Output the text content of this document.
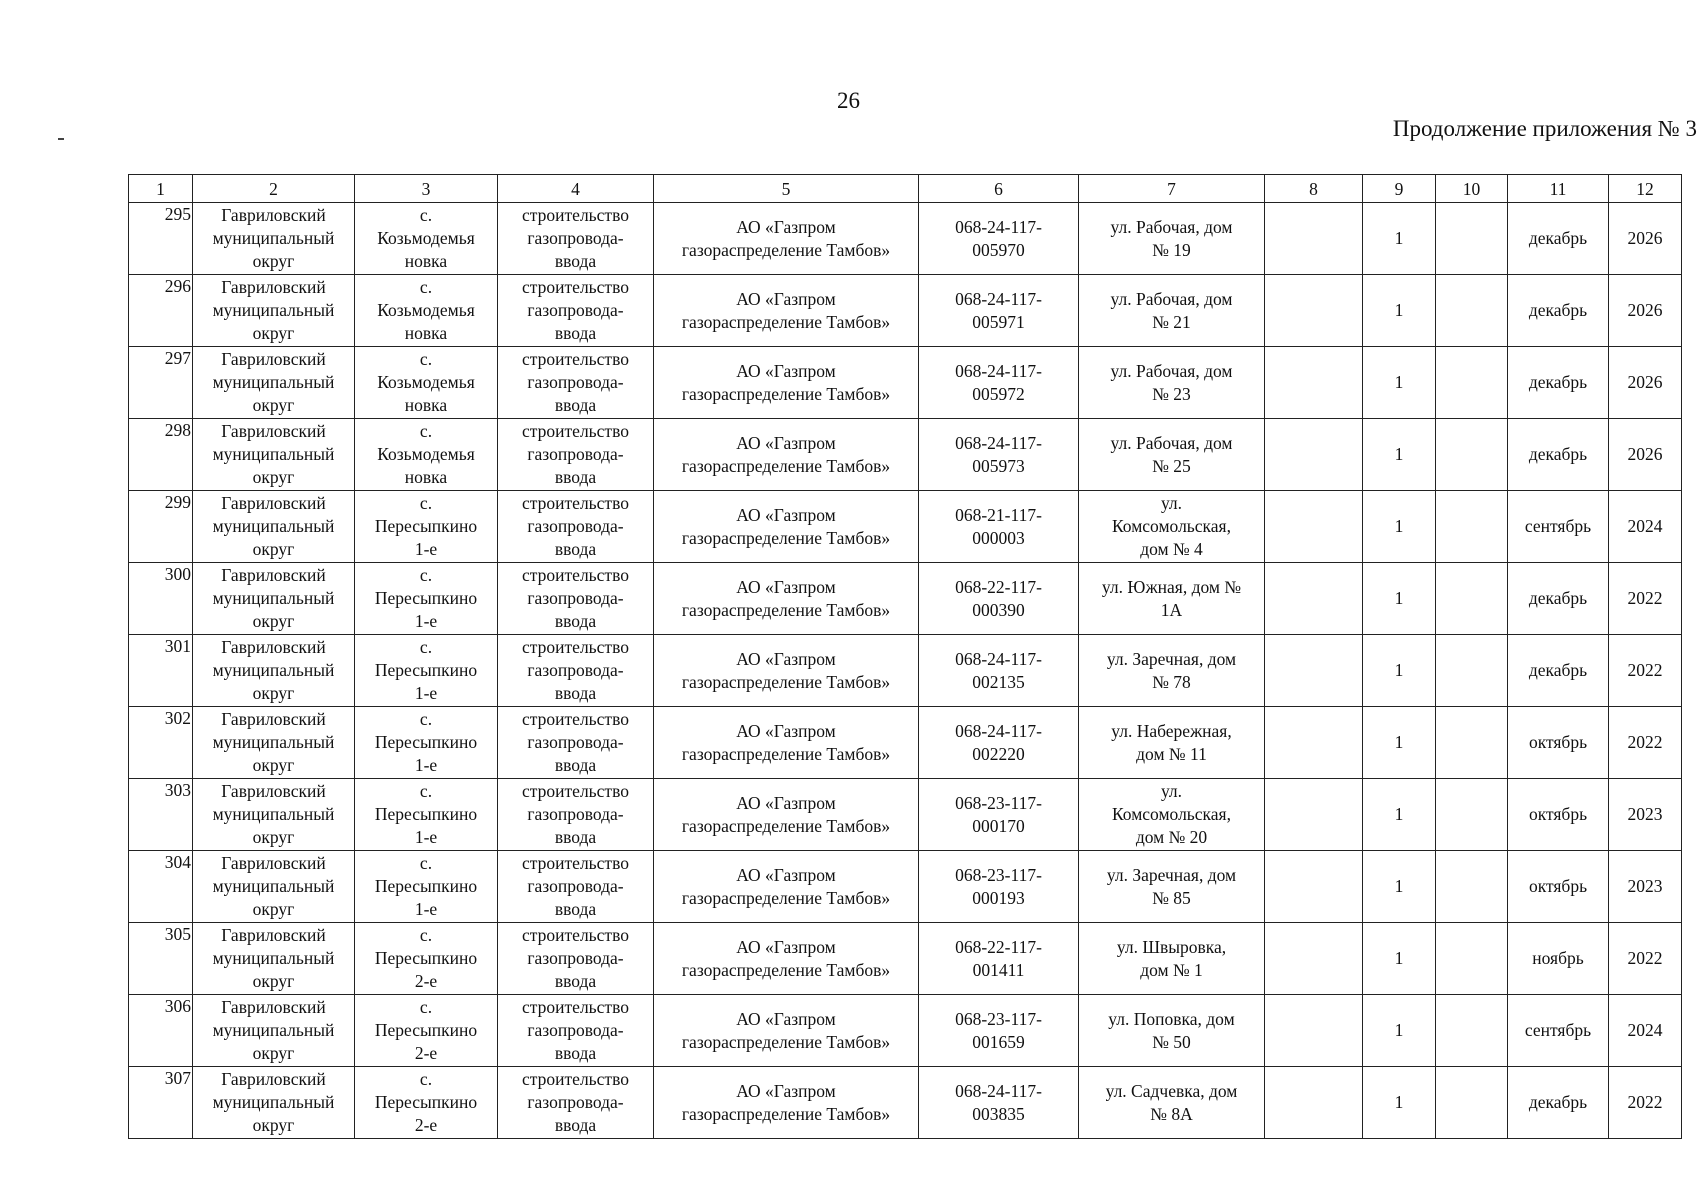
26
Продолжение приложения № 3
1	2	3	4	5	6	7	8	9	10	11	12
295	Гавриловский
муниципальный
округ	с.
Козьмодемья
новка	строительство
газопровода-
ввода	АО «Газпром
газораспределение Тамбов»	068-24-117-
005970	ул. Рабочая, дом
№ 19		1		декабрь	2026
296	Гавриловский
муниципальный
округ	с.
Козьмодемья
новка	строительство
газопровода-
ввода	АО «Газпром
газораспределение Тамбов»	068-24-117-
005971	ул. Рабочая, дом
№ 21		1		декабрь	2026
297	Гавриловский
муниципальный
округ	с.
Козьмодемья
новка	строительство
газопровода-
ввода	АО «Газпром
газораспределение Тамбов»	068-24-117-
005972	ул. Рабочая, дом
№ 23		1		декабрь	2026
298	Гавриловский
муниципальный
округ	с.
Козьмодемья
новка	строительство
газопровода-
ввода	АО «Газпром
газораспределение Тамбов»	068-24-117-
005973	ул. Рабочая, дом
№ 25		1		декабрь	2026
299	Гавриловский
муниципальный
округ	с.
Пересыпкино
1-е	строительство
газопровода-
ввода	АО «Газпром
газораспределение Тамбов»	068-21-117-
000003	ул.
Комсомольская,
дом № 4		1		сентябрь	2024
300	Гавриловский
муниципальный
округ	с.
Пересыпкино
1-е	строительство
газопровода-
ввода	АО «Газпром
газораспределение Тамбов»	068-22-117-
000390	ул. Южная, дом №
1А		1		декабрь	2022
301	Гавриловский
муниципальный
округ	с.
Пересыпкино
1-е	строительство
газопровода-
ввода	АО «Газпром
газораспределение Тамбов»	068-24-117-
002135	ул. Заречная, дом
№ 78		1		декабрь	2022
302	Гавриловский
муниципальный
округ	с.
Пересыпкино
1-е	строительство
газопровода-
ввода	АО «Газпром
газораспределение Тамбов»	068-24-117-
002220	ул. Набережная,
дом № 11		1		октябрь	2022
303	Гавриловский
муниципальный
округ	с.
Пересыпкино
1-е	строительство
газопровода-
ввода	АО «Газпром
газораспределение Тамбов»	068-23-117-
000170	ул.
Комсомольская,
дом № 20		1		октябрь	2023
304	Гавриловский
муниципальный
округ	с.
Пересыпкино
1-е	строительство
газопровода-
ввода	АО «Газпром
газораспределение Тамбов»	068-23-117-
000193	ул. Заречная, дом
№ 85		1		октябрь	2023
305	Гавриловский
муниципальный
округ	с.
Пересыпкино
2-е	строительство
газопровода-
ввода	АО «Газпром
газораспределение Тамбов»	068-22-117-
001411	ул. Швыровка,
дом № 1		1		ноябрь	2022
306	Гавриловский
муниципальный
округ	с.
Пересыпкино
2-е	строительство
газопровода-
ввода	АО «Газпром
газораспределение Тамбов»	068-23-117-
001659	ул. Поповка, дом
№ 50		1		сентябрь	2024
307	Гавриловский
муниципальный
округ	с.
Пересыпкино
2-е	строительство
газопровода-
ввода	АО «Газпром
газораспределение Тамбов»	068-24-117-
003835	ул. Садчевка, дом
№ 8А		1		декабрь	2022
